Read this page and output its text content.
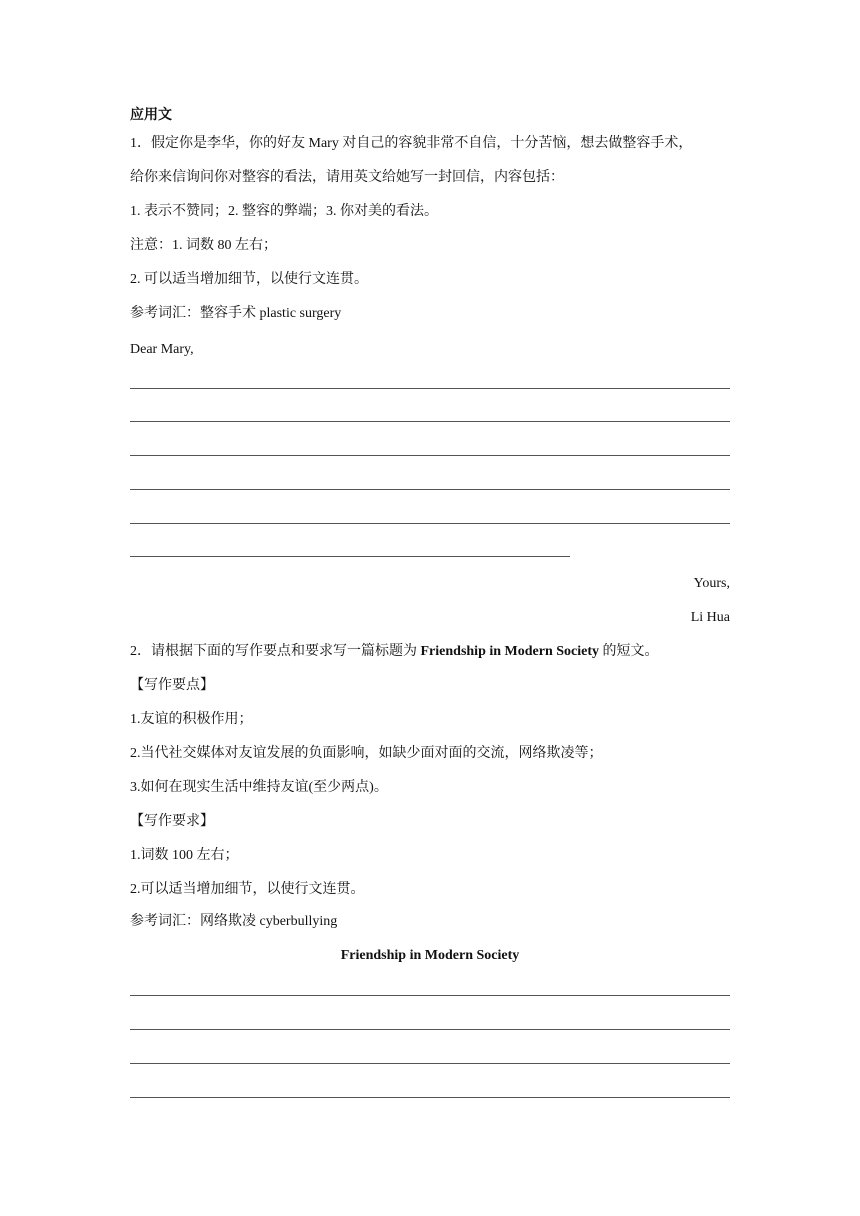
应用文
1．假定你是李华，你的好友 Mary 对自己的容貌非常不自信，十分苦恼，想去做整容手术，
给你来信询问你对整容的看法，请用英文给她写一封回信，内容包括：
1. 表示不赞同；2. 整容的弊端；3. 你对美的看法。
注意：1. 词数 80 左右；
2. 可以适当增加细节，以使行文连贯。
参考词汇：整容手术 plastic surgery
Dear Mary,
Yours,
Li Hua
2．请根据下面的写作要点和要求写一篇标题为 Friendship in Modern Society 的短文。
【写作要点】
1.友谊的积极作用；
2.当代社交媒体对友谊发展的负面影响，如缺少面对面的交流，网络欺凌等；
3.如何在现实生活中维持友谊(至少两点)。
【写作要求】
1.词数 100 左右；
2.可以适当增加细节，以使行文连贯。
参考词汇：网络欺凌 cyberbullying
Friendship in Modern Society
